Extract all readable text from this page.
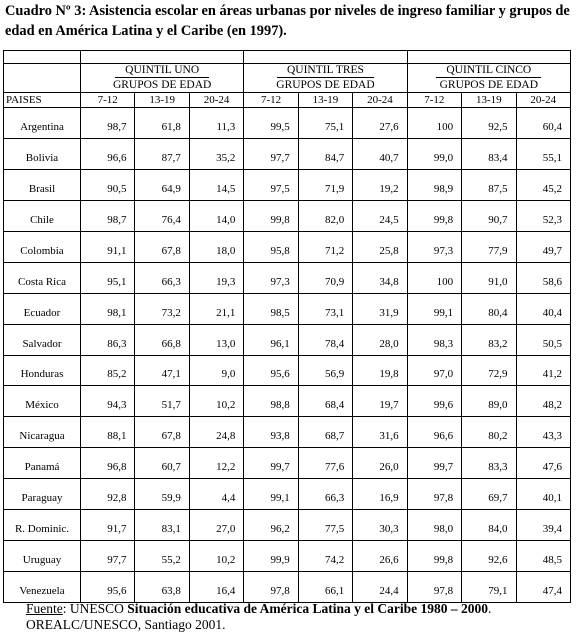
Cuadro Nº 3: Asistencia escolar en áreas urbanas por niveles de ingreso familiar y grupos de edad en América Latina y el Caribe (en 1997).

	QUINTIL UNO			QUINTIL TRES			QUINTIL CINCO		
	GRUPOS DE EDAD			GRUPOS DE EDAD			GRUPOS DE EDAD		
PAISES	7-12	13-19	20-24	7-12	13-19	20-24	7-12	13-19	20-24
Argentina	98,7	61,8	11,3	99,5	75,1	27,6	100	92,5	60,4
Bolivia	96,6	87,7	35,2	97,7	84,7	40,7	99,0	83,4	55,1
Brasil	90,5	64,9	14,5	97,5	71,9	19,2	98,9	87,5	45,2
Chile	98,7	76,4	14,0	99,8	82,0	24,5	99,8	90,7	52,3
Colombia	91,1	67,8	18,0	95,8	71,2	25,8	97,3	77,9	49,7
Costa Rica	95,1	66,3	19,3	97,3	70,9	34,8	100	91,0	58,6
Ecuador	98,1	73,2	21,1	98,5	73,1	31,9	99,1	80,4	40,4
Salvador	86,3	66,8	13,0	96,1	78,4	28,0	98,3	83,2	50,5
Honduras	85,2	47,1	9,0	95,6	56,9	19,8	97,0	72,9	41,2
México	94,3	51,7	10,2	98,8	68,4	19,7	99,6	89,0	48,2
Nicaragua	88,1	67,8	24,8	93,8	68,7	31,6	96,6	80,2	43,3
Panamá	96,8	60,7	12,2	99,7	77,6	26,0	99,7	83,3	47,6
Paraguay	92,8	59,9	4,4	99,1	66,3	16,9	97,8	69,7	40,1
R. Dominic.	91,7	83,1	27,0	96,2	77,5	30,3	98,0	84,0	39,4
Uruguay	97,7	55,2	10,2	99,9	74,2	26,6	99,8	92,6	48,5
Venezuela	95,6	63,8	16,4	97,8	66,1	24,4	97,8	79,1	47,4
Fuente: UNESCO Situación educativa de América Latina y el Caribe 1980 – 2000.
OREALC/UNESCO, Santiago 2001.
